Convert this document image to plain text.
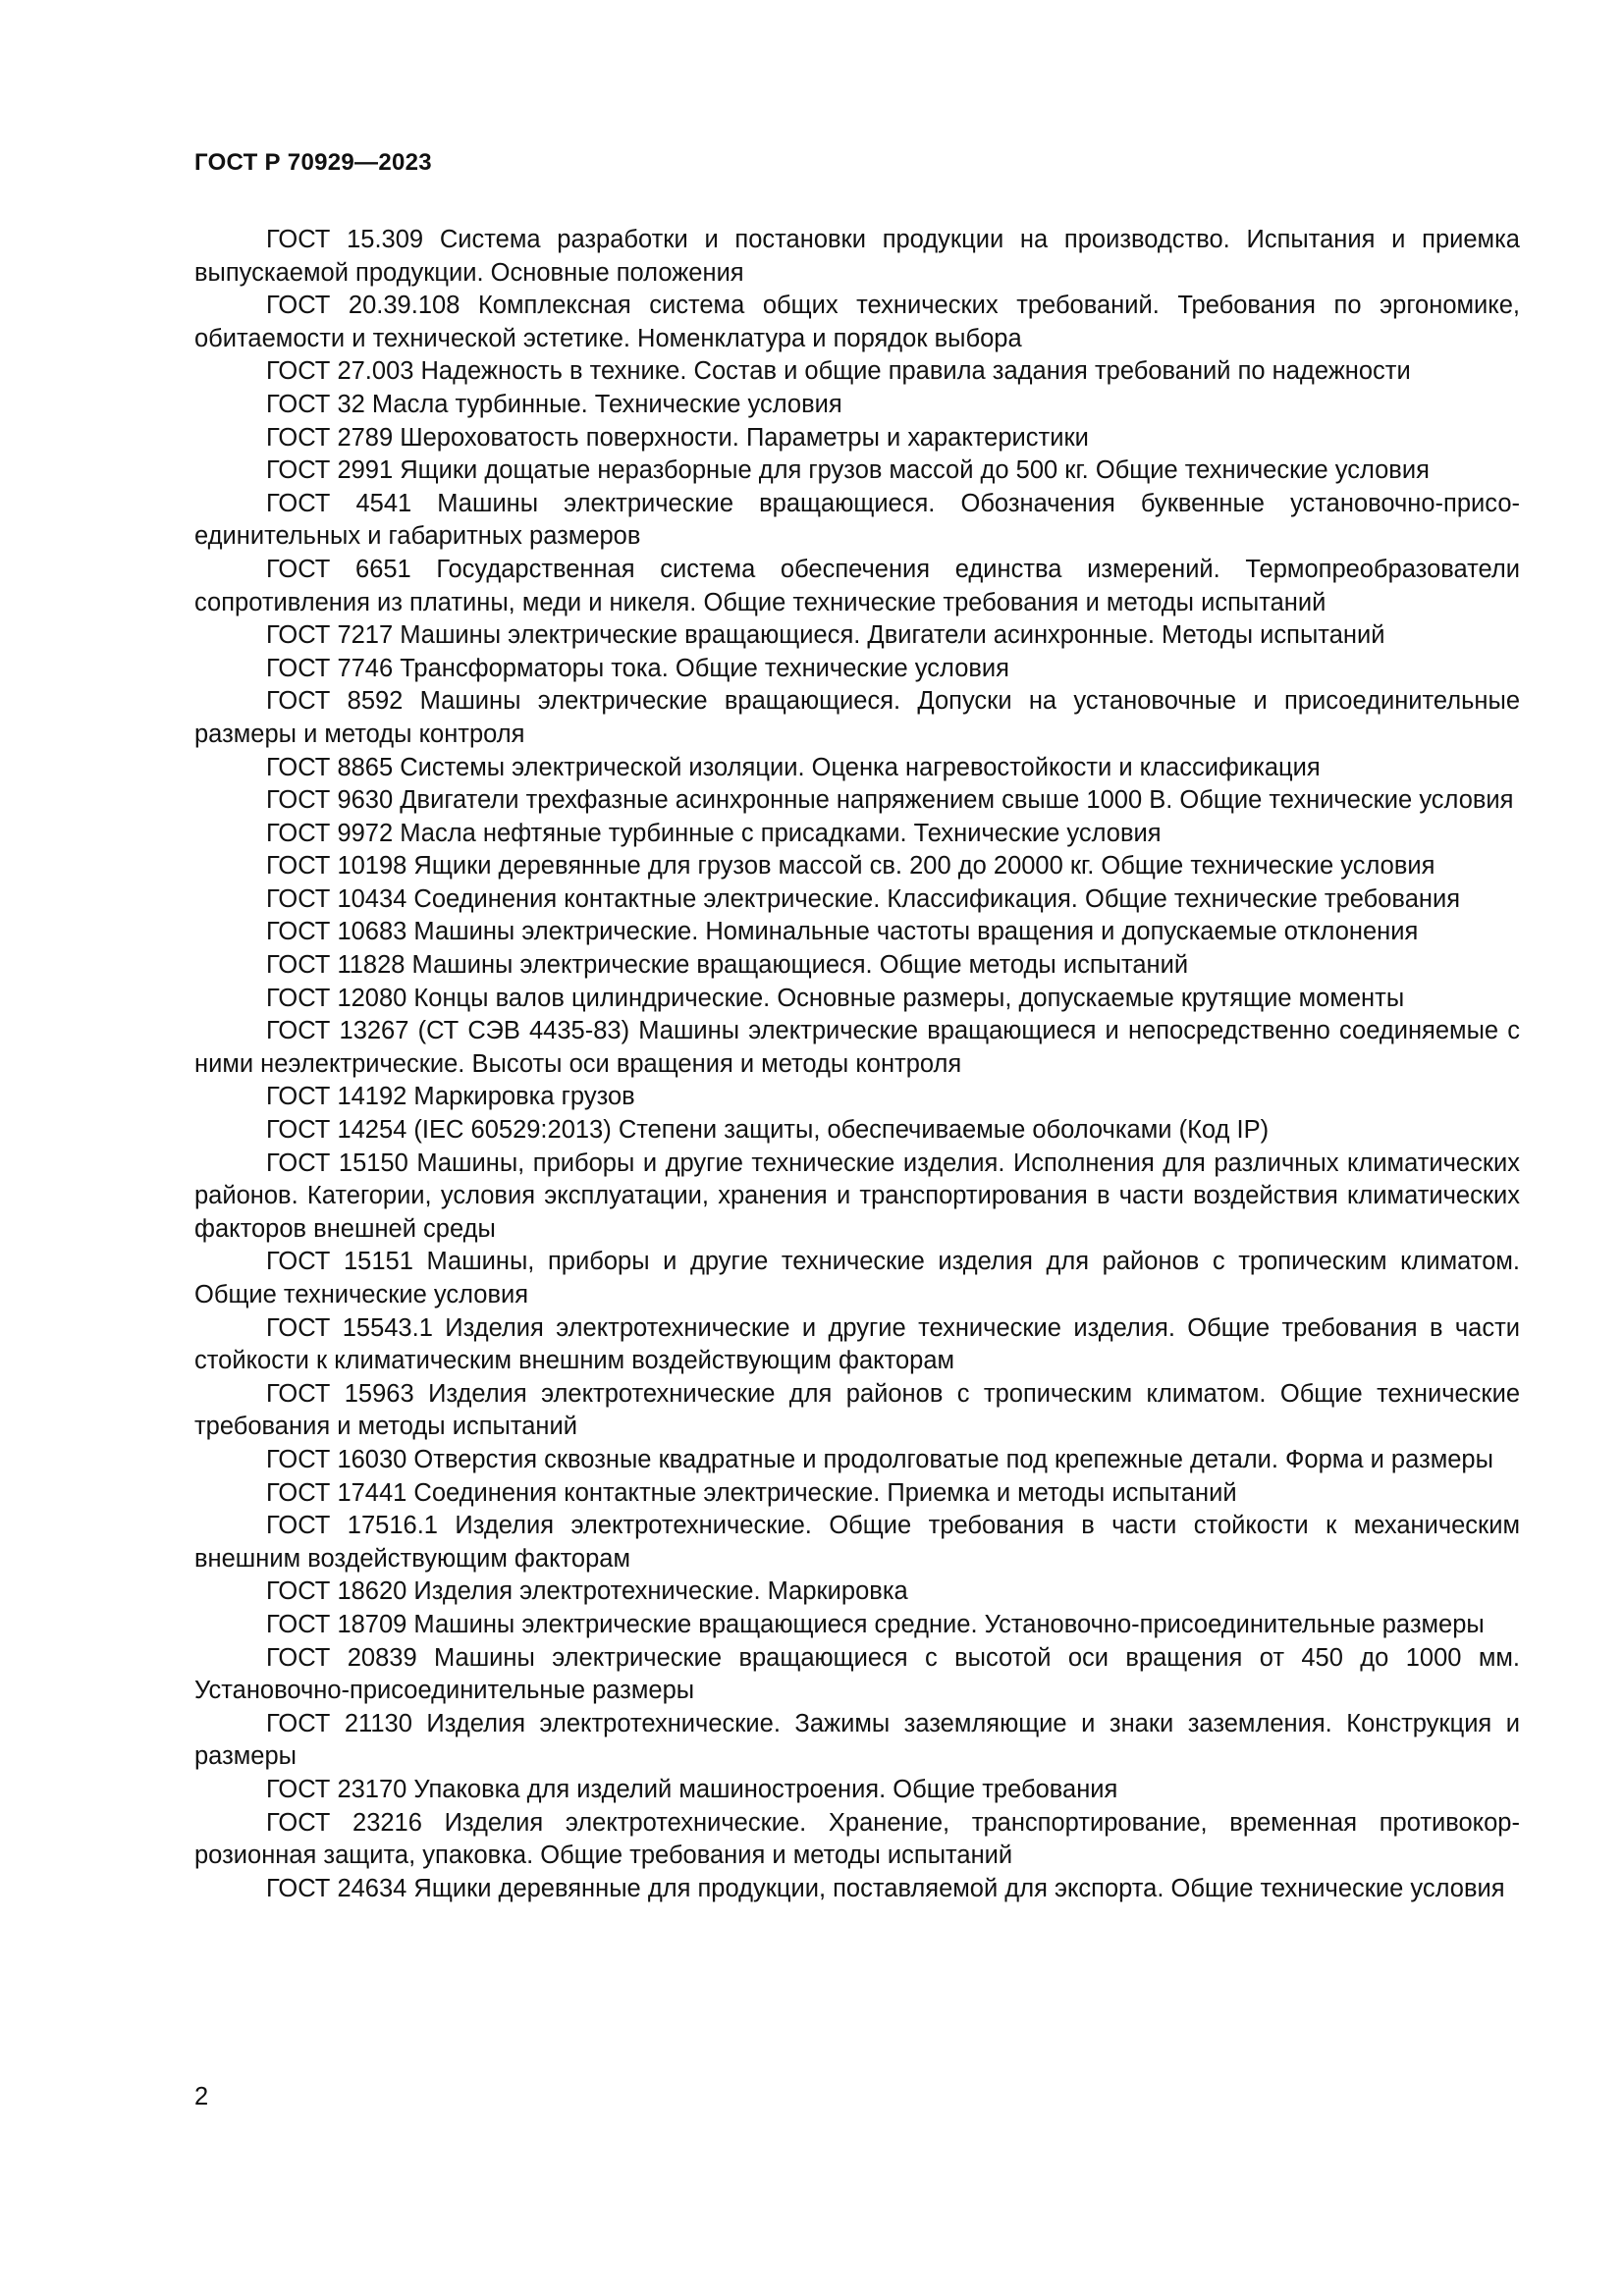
ГОСТ Р 70929—2023

ГОСТ 15.309 Система разработки и постановки продукции на производство. Испытания и приемка выпускаемой продукции. Основные положения

ГОСТ 20.39.108 Комплексная система общих технических требований. Требования по эргономике, обитаемости и технической эстетике. Номенклатура и порядок выбора

ГОСТ 27.003 Надежность в технике. Состав и общие правила задания требований по надежности

ГОСТ 32 Масла турбинные. Технические условия

ГОСТ 2789 Шероховатость поверхности. Параметры и характеристики

ГОСТ 2991 Ящики дощатые неразборные для грузов массой до 500 кг. Общие технические условия

ГОСТ 4541 Машины электрические вращающиеся. Обозначения буквенные установочно-присоединительных и габаритных размеров

ГОСТ 6651 Государственная система обеспечения единства измерений. Термопреобразователи сопротивления из платины, меди и никеля. Общие технические требования и методы испытаний

ГОСТ 7217 Машины электрические вращающиеся. Двигатели асинхронные. Методы испытаний

ГОСТ 7746 Трансформаторы тока. Общие технические условия

ГОСТ 8592 Машины электрические вращающиеся. Допуски на установочные и присоединительные размеры и методы контроля

ГОСТ 8865 Системы электрической изоляции. Оценка нагревостойкости и классификация

ГОСТ 9630 Двигатели трехфазные асинхронные напряжением свыше 1000 В. Общие технические условия

ГОСТ 9972 Масла нефтяные турбинные с присадками. Технические условия

ГОСТ 10198 Ящики деревянные для грузов массой св. 200 до 20000 кг. Общие технические условия

ГОСТ 10434 Соединения контактные электрические. Классификация. Общие технические требования

ГОСТ 10683 Машины электрические. Номинальные частоты вращения и допускаемые отклонения

ГОСТ 11828 Машины электрические вращающиеся. Общие методы испытаний

ГОСТ 12080 Концы валов цилиндрические. Основные размеры, допускаемые крутящие моменты

ГОСТ 13267 (СТ СЭВ 4435-83) Машины электрические вращающиеся и непосредственно соединяемые с ними неэлектрические. Высоты оси вращения и методы контроля

ГОСТ 14192 Маркировка грузов

ГОСТ 14254 (IEC 60529:2013) Степени защиты, обеспечиваемые оболочками (Код IP)

ГОСТ 15150 Машины, приборы и другие технические изделия. Исполнения для различных климатических районов. Категории, условия эксплуатации, хранения и транспортирования в части воздействия климатических факторов внешней среды

ГОСТ 15151 Машины, приборы и другие технические изделия для районов с тропическим климатом. Общие технические условия

ГОСТ 15543.1 Изделия электротехнические и другие технические изделия. Общие требования в части стойкости к климатическим внешним воздействующим факторам

ГОСТ 15963 Изделия электротехнические для районов с тропическим климатом. Общие технические требования и методы испытаний

ГОСТ 16030 Отверстия сквозные квадратные и продолговатые под крепежные детали. Форма и размеры

ГОСТ 17441 Соединения контактные электрические. Приемка и методы испытаний

ГОСТ 17516.1 Изделия электротехнические. Общие требования в части стойкости к механическим внешним воздействующим факторам

ГОСТ 18620 Изделия электротехнические. Маркировка

ГОСТ 18709 Машины электрические вращающиеся средние. Установочно-присоединительные размеры

ГОСТ 20839 Машины электрические вращающиеся с высотой оси вращения от 450 до 1000 мм. Установочно-присоединительные размеры

ГОСТ 21130 Изделия электротехнические. Зажимы заземляющие и знаки заземления. Конструкция и размеры

ГОСТ 23170 Упаковка для изделий машиностроения. Общие требования

ГОСТ 23216 Изделия электротехнические. Хранение, транспортирование, временная противокоррозионная защита, упаковка. Общие требования и методы испытаний

ГОСТ 24634 Ящики деревянные для продукции, поставляемой для экспорта. Общие технические условия

2
